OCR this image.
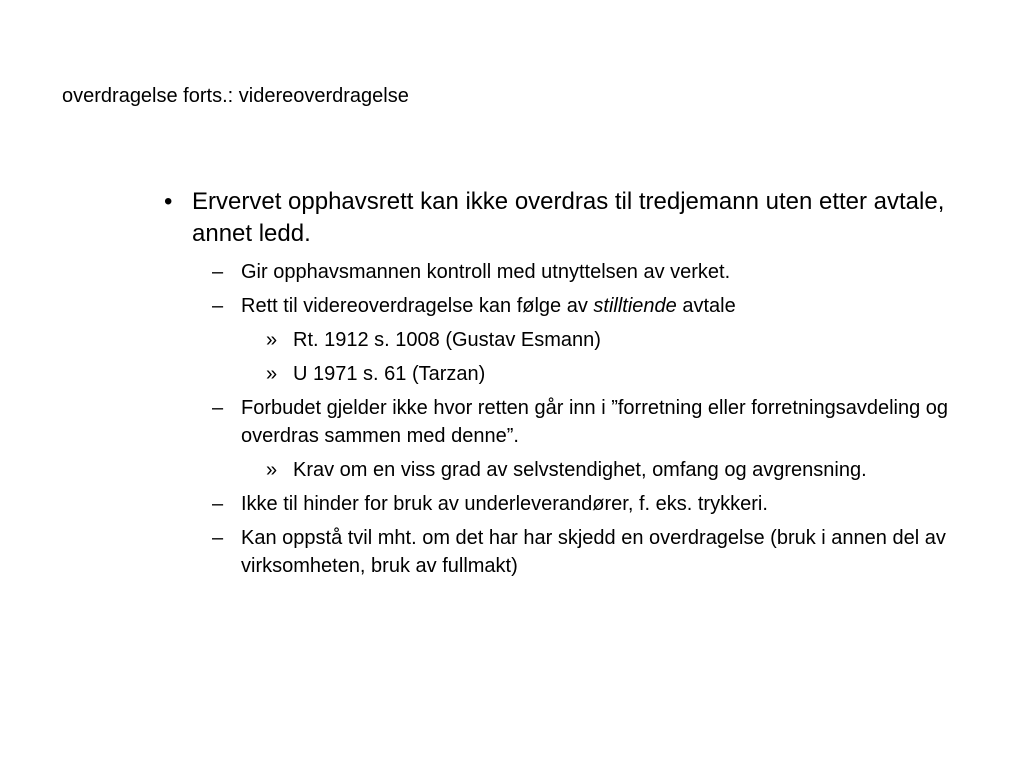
overdragelse forts.: videreoverdragelse
• Ervervet opphavsrett kan ikke overdras til tredjemann uten etter avtale, annet ledd.
– Gir opphavsmannen kontroll med utnyttelsen av verket.
– Rett til videreoverdragelse kan følge av stilltiende avtale
» Rt. 1912 s. 1008 (Gustav Esmann)
» U 1971 s. 61 (Tarzan)
– Forbudet gjelder ikke hvor retten går inn i ”forretning eller forretningsavdeling og overdras sammen med denne”.
» Krav om en viss grad av selvstendighet, omfang og avgrensning.
– Ikke til hinder for bruk av underleverandører, f. eks. trykkeri.
– Kan oppstå tvil mht. om det har har skjedd en overdragelse (bruk i annen del av virksomheten, bruk av fullmakt)
